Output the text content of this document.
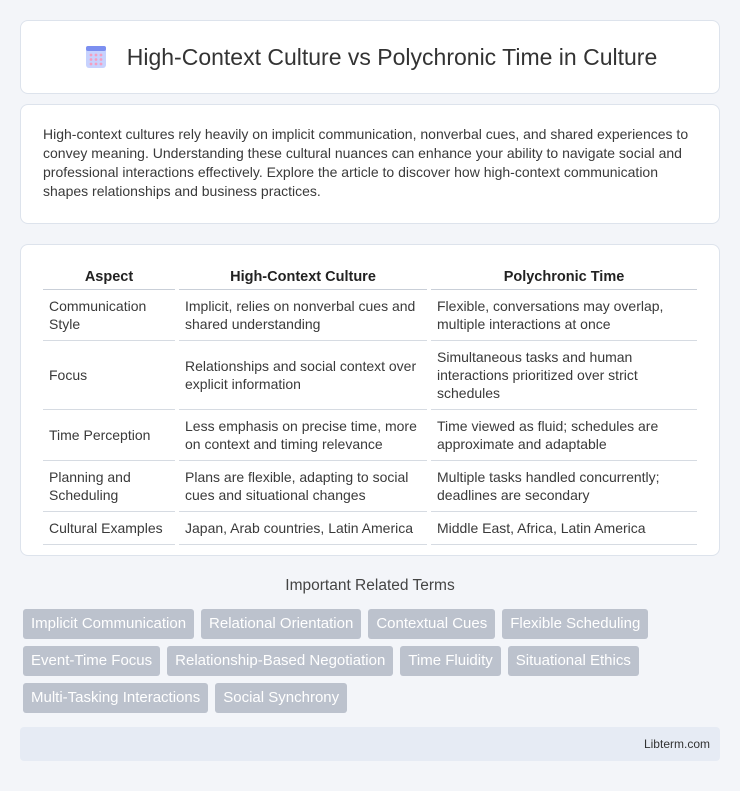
High-Context Culture vs Polychronic Time in Culture

High-context cultures rely heavily on implicit communication, nonverbal cues, and shared experiences to convey meaning. Understanding these cultural nuances can enhance your ability to navigate social and professional interactions effectively. Explore the article to discover how high-context communication shapes relationships and business practices.

Aspect	High-Context Culture	Polychronic Time
Communication Style	Implicit, relies on nonverbal cues and shared understanding	Flexible, conversations may overlap, multiple interactions at once
Focus	Relationships and social context over explicit information	Simultaneous tasks and human interactions prioritized over strict schedules
Time Perception	Less emphasis on precise time, more on context and timing relevance	Time viewed as fluid; schedules are approximate and adaptable
Planning and Scheduling	Plans are flexible, adapting to social cues and situational changes	Multiple tasks handled concurrently; deadlines are secondary
Cultural Examples	Japan, Arab countries, Latin America	Middle East, Africa, Latin America
Important Related Terms
Implicit Communication	Relational Orientation	Contextual Cues	Flexible Scheduling
Event-Time Focus	Relationship-Based Negotiation	Time Fluidity	Situational Ethics
Multi-Tasking Interactions	Social Synchrony
Libterm.com
